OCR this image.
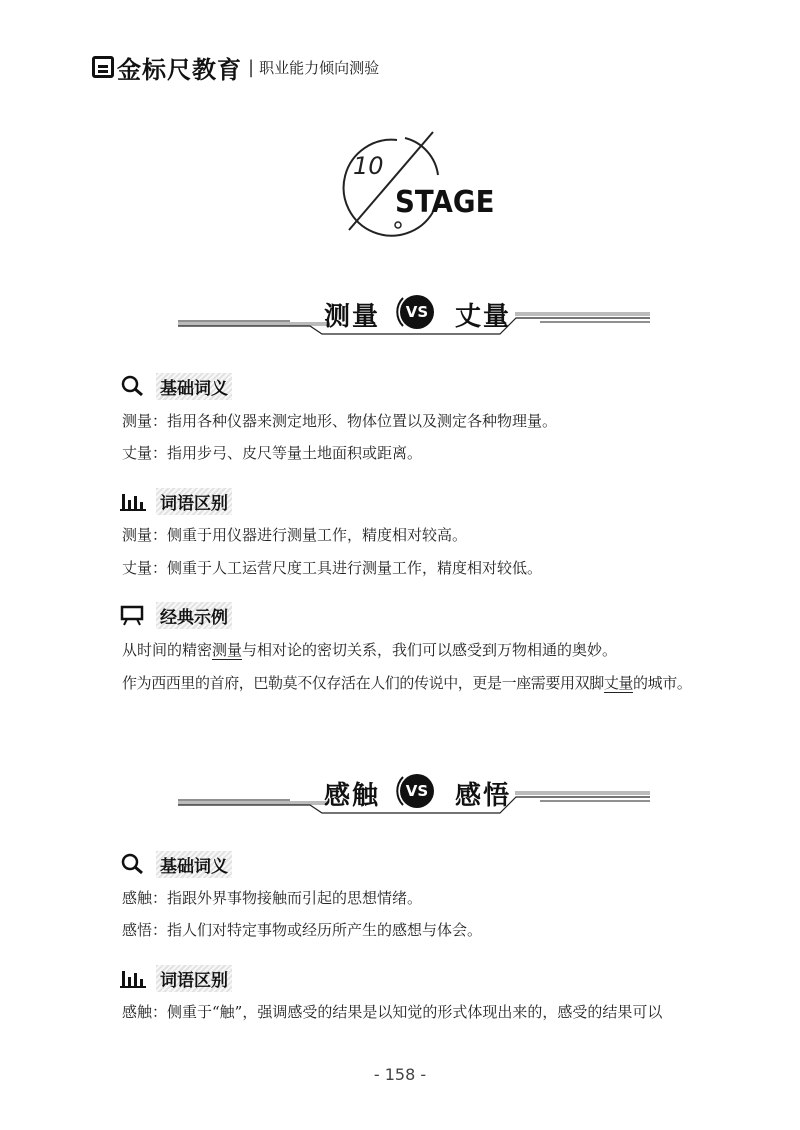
金标尺教育 | 职业能力倾向测验
10
STAGE
测量 VS 丈量
基础词义
测量：指用各种仪器来测定地形、物体位置以及测定各种物理量。
丈量：指用步弓、皮尺等量土地面积或距离。
词语区别
测量：侧重于用仪器进行测量工作，精度相对较高。
丈量：侧重于人工运营尺度工具进行测量工作，精度相对较低。
经典示例
从时间的精密测量与相对论的密切关系，我们可以感受到万物相通的奥妙。
作为西西里的首府，巴勒莫不仅存活在人们的传说中，更是一座需要用双脚丈量的城市。
感触 VS 感悟
基础词义
感触：指跟外界事物接触而引起的思想情绪。
感悟：指人们对特定事物或经历所产生的感想与体会。
词语区别
感触：侧重于“触”，强调感受的结果是以知觉的形式体现出来的，感受的结果可以
- 158 -
